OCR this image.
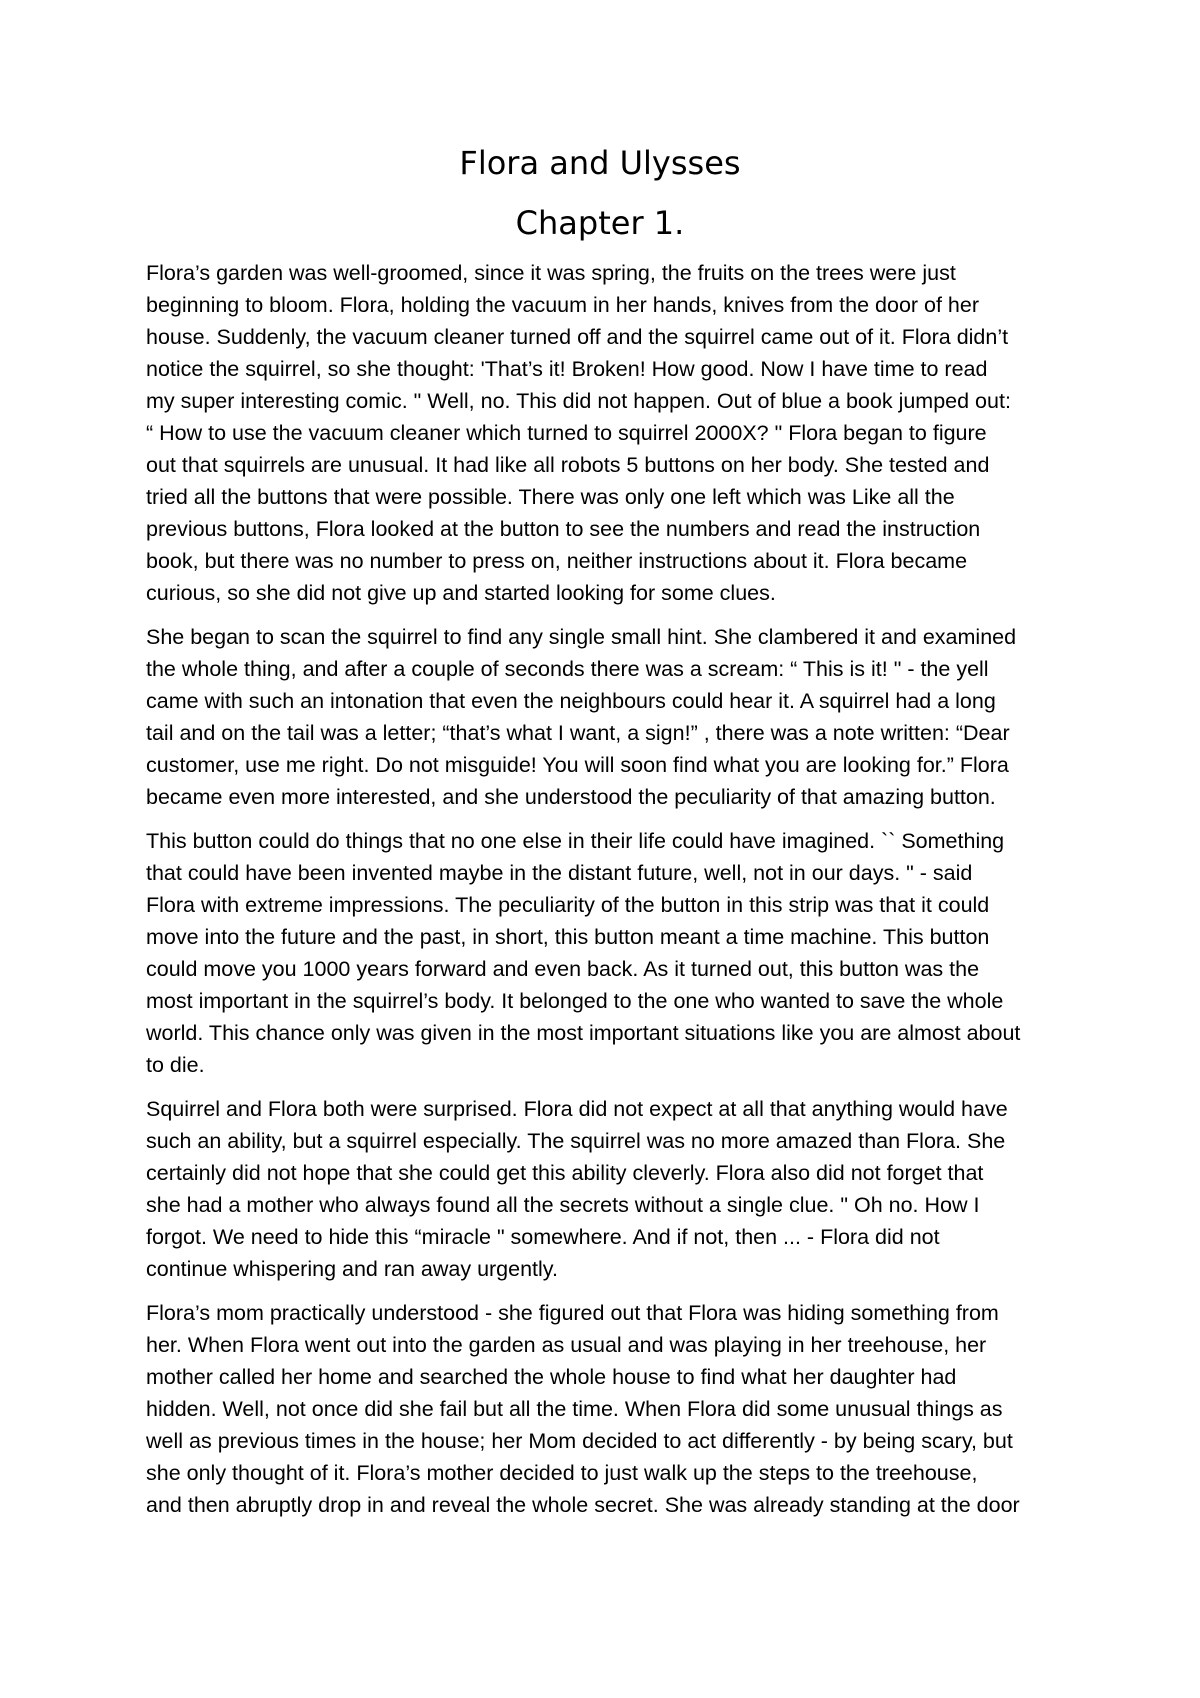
Flora and Ulysses
Chapter 1.

Flora’s garden was well-groomed, since it was spring, the fruits on the trees were just
beginning to bloom. Flora, holding the vacuum in her hands, knives from the door of her
house. Suddenly, the vacuum cleaner turned off and the squirrel came out of it. Flora didn’t
notice the squirrel, so she thought: 'That’s it! Broken! How good. Now I have time to read
my super interesting comic. " Well, no. This did not happen. Out of blue a book jumped out:
“ How to use the vacuum cleaner which turned to squirrel 2000X? " Flora began to figure
out that squirrels are unusual. It had like all robots 5 buttons on her body. She tested and
tried all the buttons that were possible. There was only one left which was Like all the
previous buttons, Flora looked at the button to see the numbers and read the instruction
book, but there was no number to press on, neither instructions about it. Flora became
curious, so she did not give up and started looking for some clues.

She began to scan the squirrel to find any single small hint. She clambered it and examined
the whole thing, and after a couple of seconds there was a scream: “ This is it! " - the yell
came with such an intonation that even the neighbours could hear it. A squirrel had a long
tail and on the tail was a letter; “that’s what I want, a sign!” , there was a note written: “Dear
customer, use me right. Do not misguide! You will soon find what you are looking for.” Flora
became even more interested, and she understood the peculiarity of that amazing button.

This button could do things that no one else in their life could have imagined. `` Something
that could have been invented maybe in the distant future, well, not in our days. " - said
Flora with extreme impressions. The peculiarity of the button in this strip was that it could
move into the future and the past, in short, this button meant a time machine. This button
could move you 1000 years forward and even back. As it turned out, this button was the
most important in the squirrel’s body. It belonged to the one who wanted to save the whole
world. This chance only was given in the most important situations like you are almost about
to die.

Squirrel and Flora both were surprised. Flora did not expect at all that anything would have
such an ability, but a squirrel especially. The squirrel was no more amazed than Flora. She
certainly did not hope that she could get this ability cleverly. Flora also did not forget that
she had a mother who always found all the secrets without a single clue. " Oh no. How I
forgot. We need to hide this “miracle " somewhere. And if not, then ... - Flora did not
continue whispering and ran away urgently.

Flora’s mom practically understood - she figured out that Flora was hiding something from
her. When Flora went out into the garden as usual and was playing in her treehouse, her
mother called her home and searched the whole house to find what her daughter had
hidden. Well, not once did she fail but all the time. When Flora did some unusual things as
well as previous times in the house; her Mom decided to act differently - by being scary, but
she only thought of it. Flora’s mother decided to just walk up the steps to the treehouse,
and then abruptly drop in and reveal the whole secret. She was already standing at the door
